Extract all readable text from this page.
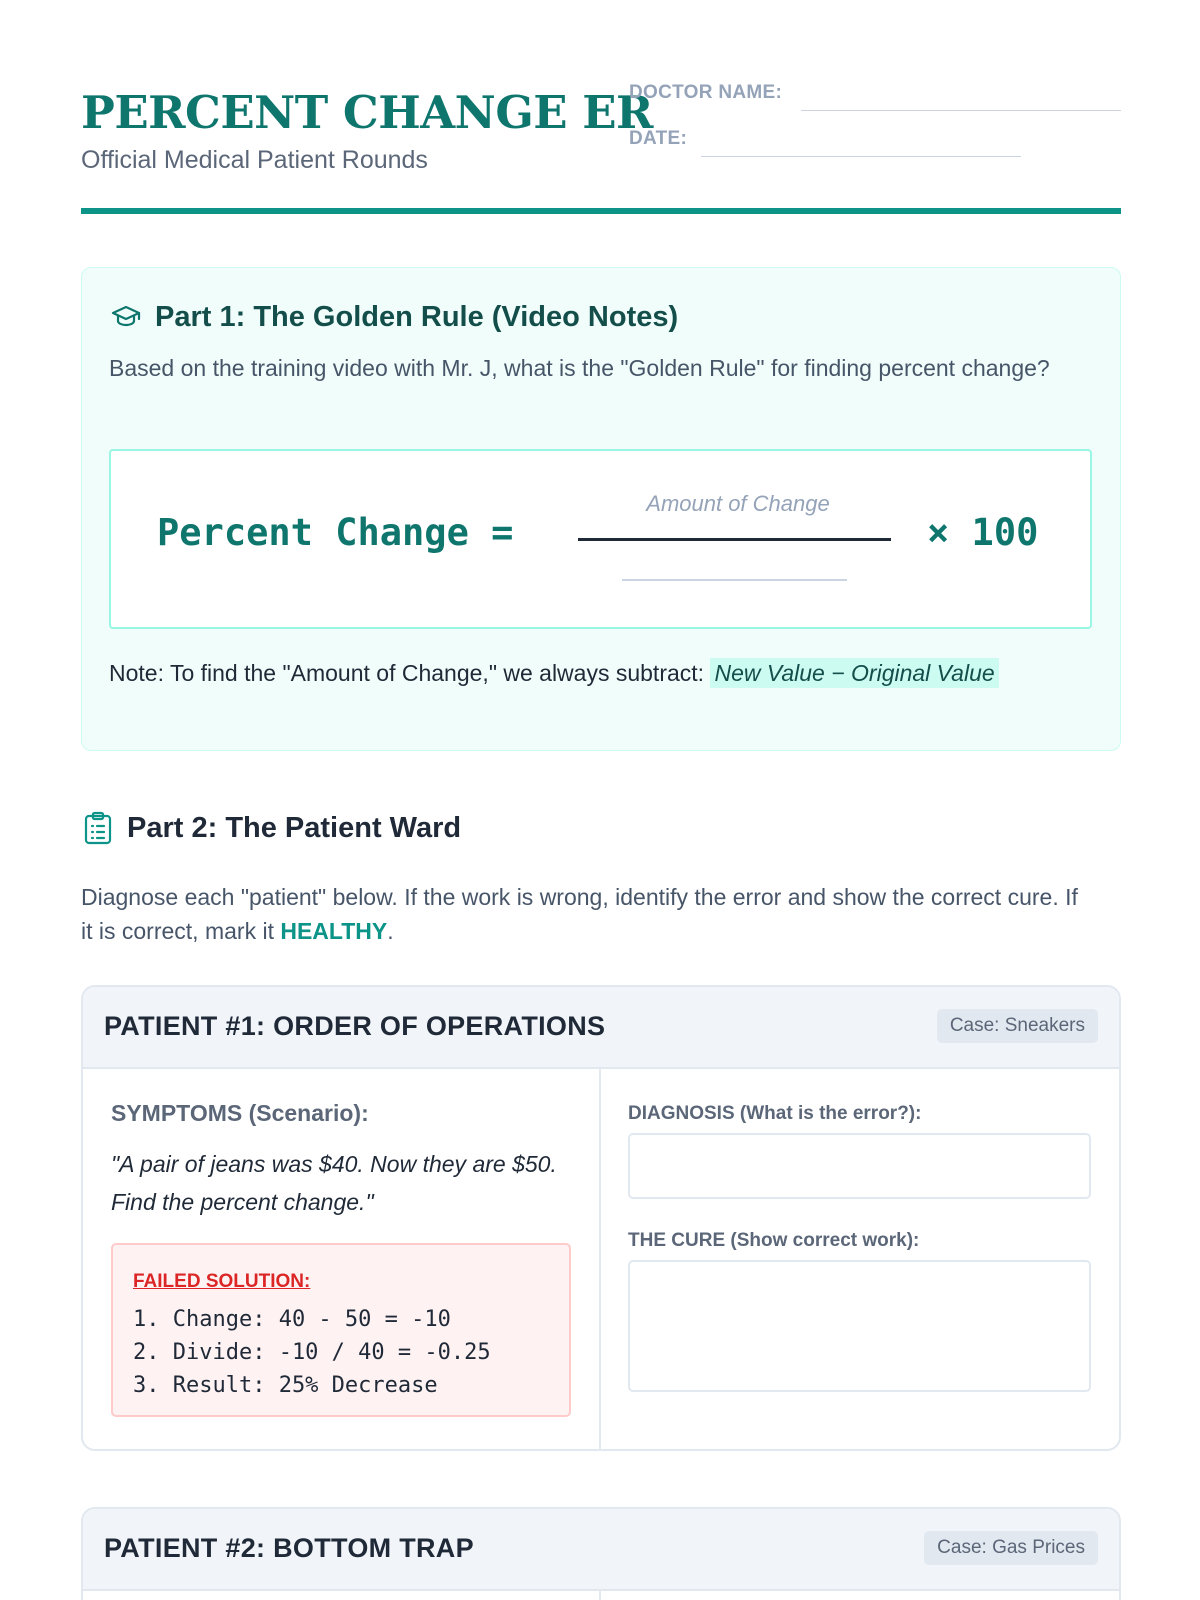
PERCENT CHANGE ER
Official Medical Patient Rounds
DOCTOR NAME:
DATE:
Part 1: The Golden Rule (Video Notes)
Based on the training video with Mr. J, what is the "Golden Rule" for finding percent change?
Percent Change =
Amount of Change
× 100
Note: To find the "Amount of Change," we always subtract: New Value − Original Value
Part 2: The Patient Ward
Diagnose each "patient" below. If the work is wrong, identify the error and show the correct cure. If it is correct, mark it HEALTHY.
PATIENT #1: ORDER OF OPERATIONS	Case: Sneakers
SYMPTOMS (Scenario):
"A pair of jeans was $40. Now they are $50. Find the percent change."
FAILED SOLUTION:
1. Change: 40 - 50 = -10
2. Divide: -10 / 40 = -0.25
3. Result: 25% Decrease
DIAGNOSIS (What is the error?):
THE CURE (Show correct work):
PATIENT #2: BOTTOM TRAP	Case: Gas Prices
